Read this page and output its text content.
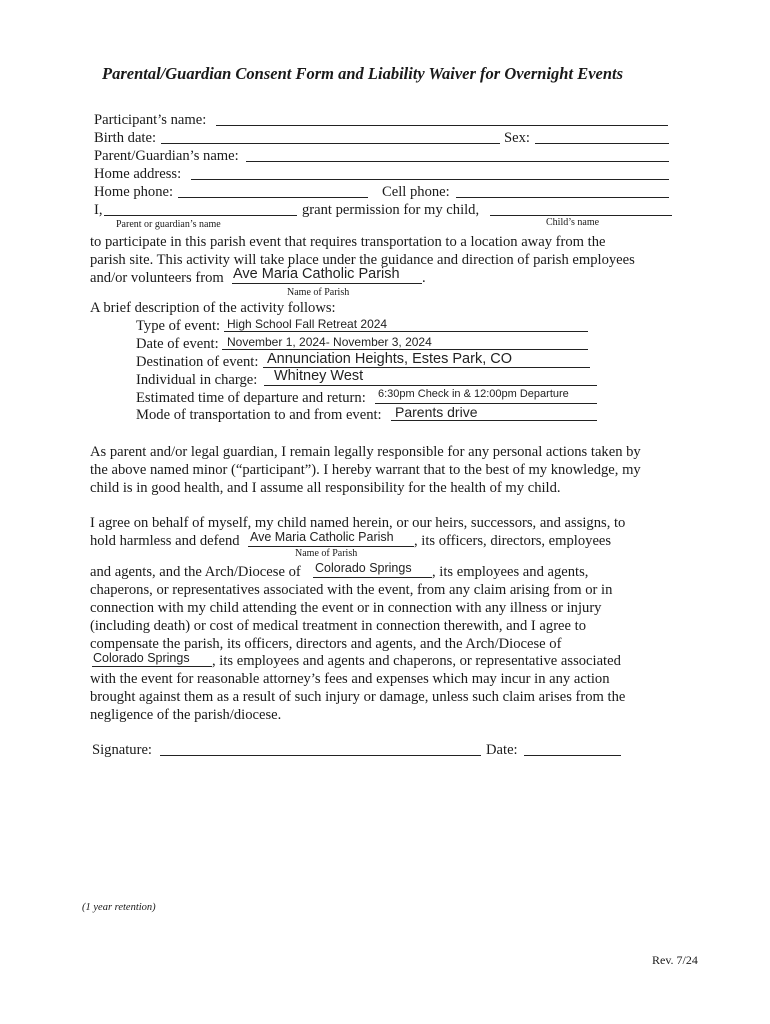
Parental/Guardian Consent Form and Liability Waiver for Overnight Events
Participant’s name:
Birth date:	Sex:
Parent/Guardian’s name:
Home address:
Home phone:	Cell phone:
I,	grant permission for my child,
Parent or guardian’s name	Child’s name
to participate in this parish event that requires transportation to a location away from the
parish site. This activity will take place under the guidance and direction of parish employees
and/or volunteers from Ave Maria Catholic Parish .
Name of Parish
A brief description of the activity follows:
Type of event: High School Fall Retreat 2024
Date of event: November 1, 2024- November 3, 2024
Destination of event: Annunciation Heights, Estes Park, CO
Individual in charge: Whitney West
Estimated time of departure and return: 6:30pm Check in & 12:00pm Departure
Mode of transportation to and from event: Parents drive
As parent and/or legal guardian, I remain legally responsible for any personal actions taken by
the above named minor (“participant”). I hereby warrant that to the best of my knowledge, my
child is in good health, and I assume all responsibility for the health of my child.
I agree on behalf of myself, my child named herein, or our heirs, successors, and assigns, to
hold harmless and defend Ave Maria Catholic Parish , its officers, directors, employees
Name of Parish
and agents, and the Arch/Diocese of Colorado Springs , its employees and agents,
chaperons, or representatives associated with the event, from any claim arising from or in
connection with my child attending the event or in connection with any illness or injury
(including death) or cost of medical treatment in connection therewith, and I agree to
compensate the parish, its officers, directors and agents, and the Arch/Diocese of
Colorado Springs , its employees and agents and chaperons, or representative associated
with the event for reasonable attorney’s fees and expenses which may incur in any action
brought against them as a result of such injury or damage, unless such claim arises from the
negligence of the parish/diocese.
Signature:	Date:
(1 year retention)
Rev. 7/24
